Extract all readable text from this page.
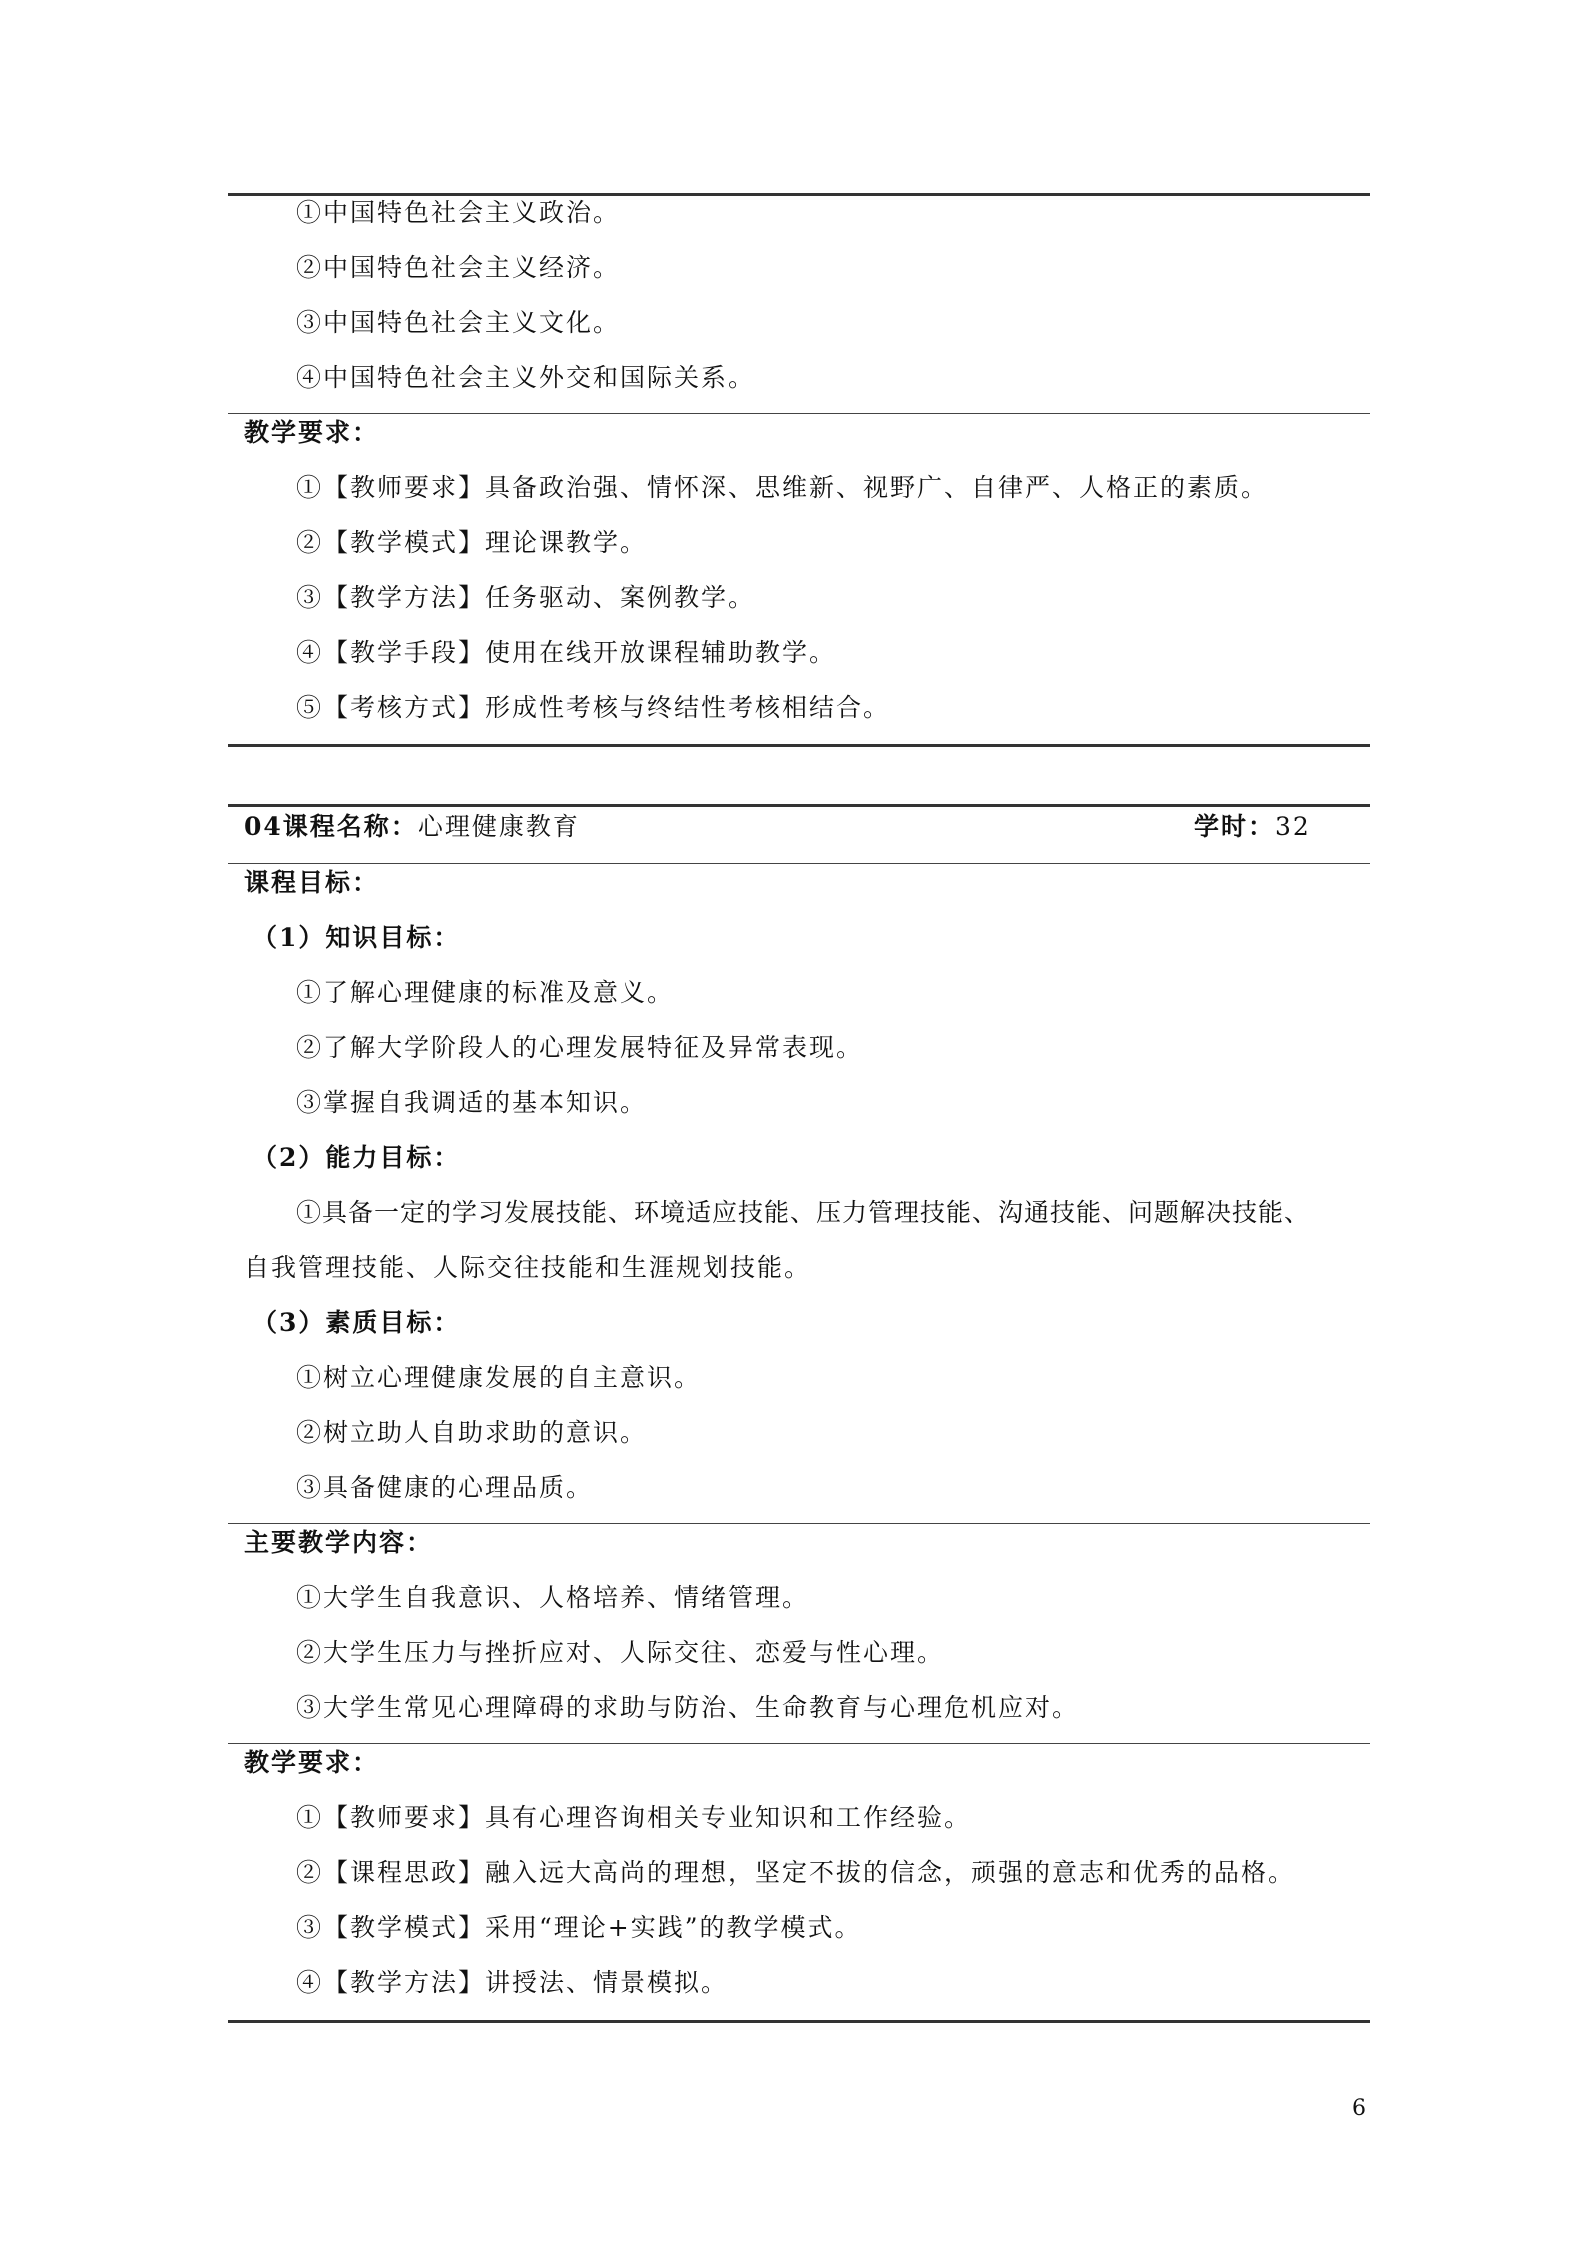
①中国特色社会主义政治。
②中国特色社会主义经济。
③中国特色社会主义文化。
④中国特色社会主义外交和国际关系。
教学要求：
①【教师要求】具备政治强、情怀深、思维新、视野广、自律严、人格正的素质。
②【教学模式】理论课教学。
③【教学方法】任务驱动、案例教学。
④【教学手段】使用在线开放课程辅助教学。
⑤【考核方式】形成性考核与终结性考核相结合。
04课程名称：心理健康教育	学时：32
课程目标：
（1）知识目标：
①了解心理健康的标准及意义。
②了解大学阶段人的心理发展特征及异常表现。
③掌握自我调适的基本知识。
（2）能力目标：
①具备一定的学习发展技能、环境适应技能、压力管理技能、沟通技能、问题解决技能、
自我管理技能、人际交往技能和生涯规划技能。
（3）素质目标：
①树立心理健康发展的自主意识。
②树立助人自助求助的意识。
③具备健康的心理品质。
主要教学内容：
①大学生自我意识、人格培养、情绪管理。
②大学生压力与挫折应对、人际交往、恋爱与性心理。
③大学生常见心理障碍的求助与防治、生命教育与心理危机应对。
教学要求：
①【教师要求】具有心理咨询相关专业知识和工作经验。
②【课程思政】融入远大高尚的理想，坚定不拔的信念，顽强的意志和优秀的品格。
③【教学模式】采用“理论+实践”的教学模式。
④【教学方法】讲授法、情景模拟。
6
